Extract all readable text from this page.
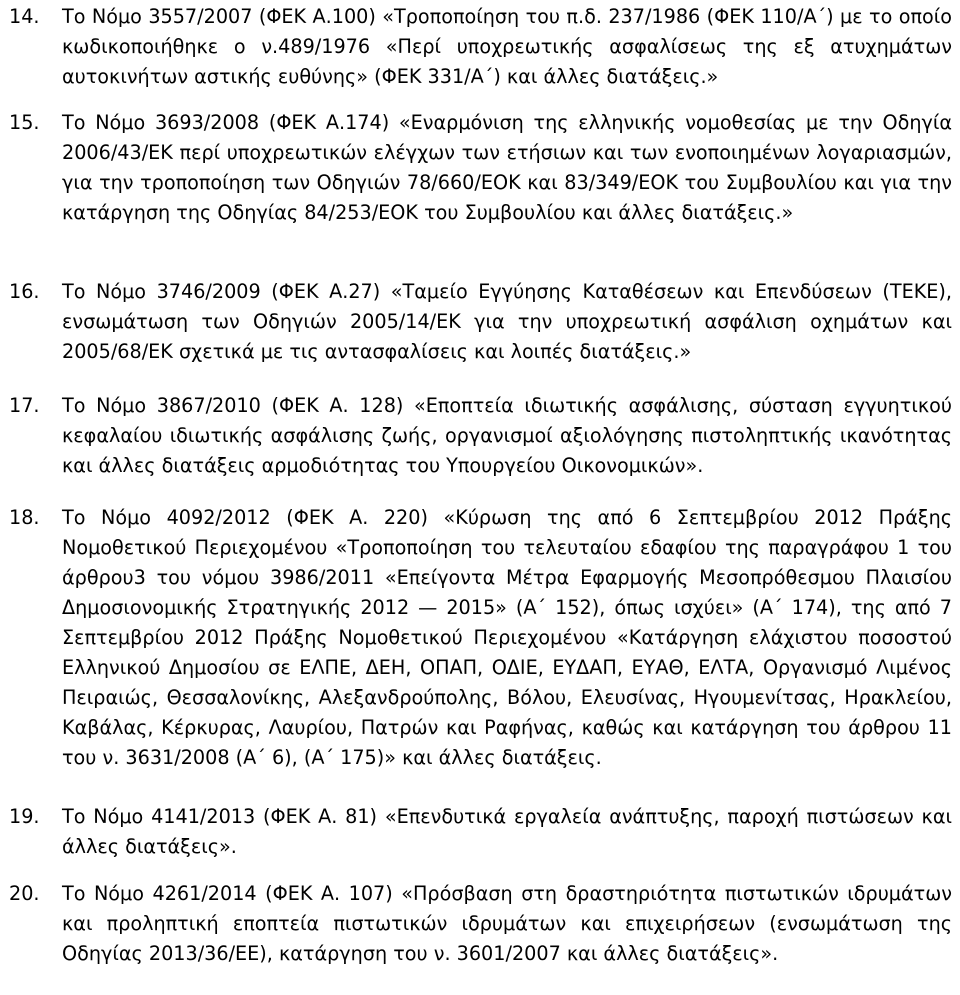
14. Το Νόμο 3557/2007 (ΦΕΚ Α.100) «Τροποποίηση του π.δ. 237/1986 (ΦΕΚ 110/Α΄) με το οποίο κωδικοποιήθηκε ο ν.489/1976 «Περί υποχρεωτικής ασφαλίσεως της εξ ατυχημάτων αυτοκινήτων αστικής ευθύνης» (ΦΕΚ 331/Α΄) και άλλες διατάξεις.»
15. Το Νόμο 3693/2008 (ΦΕΚ Α.174) «Εναρμόνιση της ελληνικής νομοθεσίας με την Οδηγία 2006/43/ΕΚ περί υποχρεωτικών ελέγχων των ετήσιων και των ενοποιημένων λογαριασμών, για την τροποποίηση των Οδηγιών 78/660/ΕΟΚ και 83/349/ΕΟΚ του Συμβουλίου και για την κατάργηση της Οδηγίας 84/253/ΕΟΚ του Συμβουλίου και άλλες διατάξεις.»
16. Το Νόμο 3746/2009 (ΦΕΚ Α.27) «Ταμείο Εγγύησης Καταθέσεων και Επενδύσεων (ΤΕΚΕ), ενσωμάτωση των Οδηγιών 2005/14/ΕΚ για την υποχρεωτική ασφάλιση οχημάτων και 2005/68/ΕΚ σχετικά με τις αντασφαλίσεις και λοιπές διατάξεις.»
17. Το Νόμο 3867/2010 (ΦΕΚ Α. 128) «Εποπτεία ιδιωτικής ασφάλισης, σύσταση εγγυητικού κεφαλαίου ιδιωτικής ασφάλισης ζωής, οργανισμοί αξιολόγησης πιστοληπτικής ικανότητας και άλλες διατάξεις αρμοδιότητας του Υπουργείου Οικονομικών».
18. Το Νόμο 4092/2012 (ΦΕΚ Α. 220) «Κύρωση της από 6 Σεπτεμβρίου 2012 Πράξης Νομοθετικού Περιεχομένου «Τροποποίηση του τελευταίου εδαφίου της παραγράφου 1 του άρθρου3 του νόμου 3986/2011 «Επείγοντα Μέτρα Εφαρμογής Μεσοπρόθεσμου Πλαισίου Δημοσιονομικής Στρατηγικής 2012 — 2015» (Α΄ 152), όπως ισχύει» (Α΄ 174), της από 7 Σεπτεμβρίου 2012 Πράξης Νομοθετικού Περιεχομένου «Κατάργηση ελάχιστου ποσοστού Ελληνικού Δημοσίου σε ΕΛΠΕ, ΔΕΗ, ΟΠΑΠ, ΟΔΙΕ, ΕΥΔΑΠ, ΕΥΑΘ, ΕΛΤΑ, Οργανισμό Λιμένος Πειραιώς, Θεσσαλονίκης, Αλεξανδρούπολης, Βόλου, Ελευσίνας, Ηγουμενίτσας, Ηρακλείου, Καβάλας, Κέρκυρας, Λαυρίου, Πατρών και Ραφήνας, καθώς και κατάργηση του άρθρου 11 του ν. 3631/2008 (Α΄ 6), (Α΄ 175)» και άλλες διατάξεις.
19. Το Νόμο 4141/2013 (ΦΕΚ Α. 81) «Επενδυτικά εργαλεία ανάπτυξης, παροχή πιστώσεων και άλλες διατάξεις».
20. Το Νόμο 4261/2014 (ΦΕΚ Α. 107) «Πρόσβαση στη δραστηριότητα πιστωτικών ιδρυμάτων και προληπτική εποπτεία πιστωτικών ιδρυμάτων και επιχειρήσεων (ενσωμάτωση της Οδηγίας 2013/36/ΕΕ), κατάργηση του ν. 3601/2007 και άλλες διατάξεις».
